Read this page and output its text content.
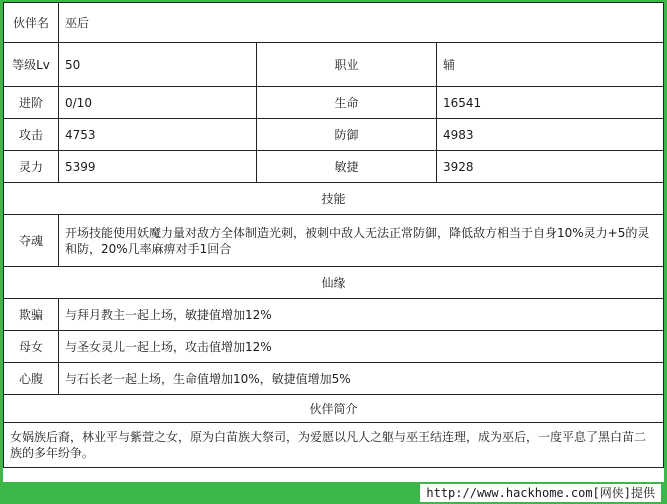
伙伴名	巫后		
等级Lv	50	职业	辅
进阶	0/10	生命	16541
攻击	4753	防御	4983
灵力	5399	敏捷	3928
技能			
夺魂	开场技能使用妖魔力量对敌方全体制造光刺，被刺中敌人无法正常防御，降低敌方相当于自身10%灵力+5的灵和防，20%几率麻痹对手1回合		
仙缘			
欺骗	与拜月教主一起上场，敏捷值增加12%		
母女	与圣女灵儿一起上场，攻击值增加12%		
心腹	与石长老一起上场，生命值增加10%，敏捷值增加5%		
伙伴简介			
女娲族后裔，林业平与紫萱之女，原为白苗族大祭司，为爱愿以凡人之躯与巫王结连理，成为巫后，一度平息了黑白苗二族的多年纷争。			
http://www.hackhome.com[网侠]提供
